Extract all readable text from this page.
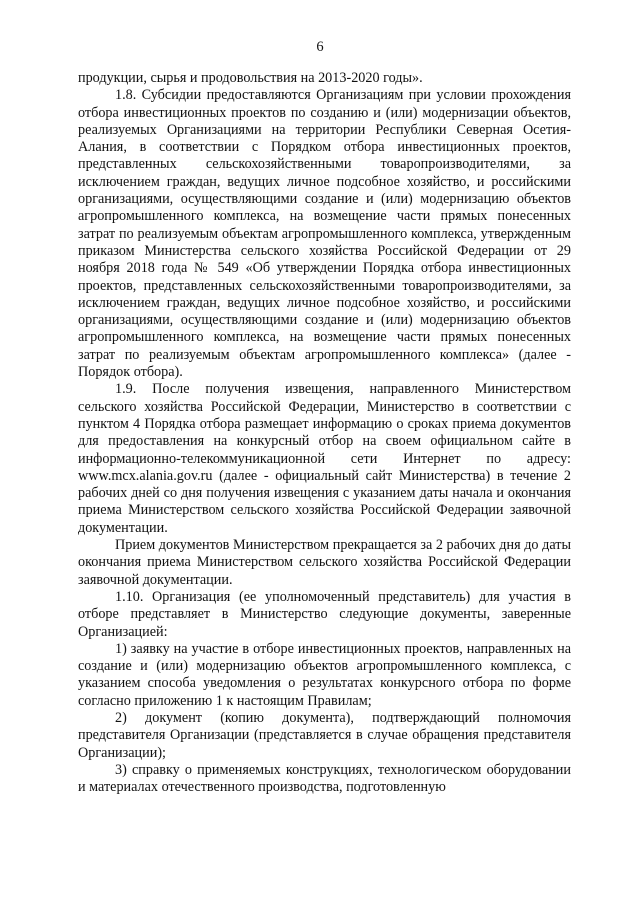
6

продукции, сырья и продовольствия на 2013-2020 годы».

1.8. Субсидии предоставляются Организациям при условии прохождения отбора инвестиционных проектов по созданию и (или) модернизации объектов, реализуемых Организациями на территории Республики Северная Осетия-Алания, в соответствии с Порядком отбора инвестиционных проектов, представленных сельскохозяйственными товаропроизводителями, за исключением граждан, ведущих личное подсобное хозяйство, и российскими организациями, осуществляющими создание и (или) модернизацию объектов агропромышленного комплекса, на возмещение части прямых понесенных затрат по реализуемым объектам агропромышленного комплекса, утвержденным приказом Министерства сельского хозяйства Российской Федерации от 29 ноября 2018 года № 549 «Об утверждении Порядка отбора инвестиционных проектов, представленных сельскохозяйственными товаропроизводителями, за исключением граждан, ведущих личное подсобное хозяйство, и российскими организациями, осуществляющими создание и (или) модернизацию объектов агропромышленного комплекса, на возмещение части прямых понесенных затрат по реализуемым объектам агропромышленного комплекса» (далее - Порядок отбора).

1.9. После получения извещения, направленного Министерством сельского хозяйства Российской Федерации, Министерство в соответствии с пунктом 4 Порядка отбора размещает информацию о сроках приема документов для предоставления на конкурсный отбор на своем официальном сайте в информационно-телекоммуникационной сети Интернет по адресу: www.mcx.alania.gov.ru (далее - официальный сайт Министерства) в течение 2 рабочих дней со дня получения извещения с указанием даты начала и окончания приема Министерством сельского хозяйства Российской Федерации заявочной документации.

Прием документов Министерством прекращается за 2 рабочих дня до даты окончания приема Министерством сельского хозяйства Российской Федерации заявочной документации.

1.10. Организация (ее уполномоченный представитель) для участия в отборе представляет в Министерство следующие документы, заверенные Организацией:

1) заявку на участие в отборе инвестиционных проектов, направленных на создание и (или) модернизацию объектов агропромышленного комплекса, с указанием способа уведомления о результатах конкурсного отбора по форме согласно приложению 1 к настоящим Правилам;

2) документ (копию документа), подтверждающий полномочия представителя Организации (представляется в случае обращения представителя Организации);

3) справку о применяемых конструкциях, технологическом оборудовании и материалах отечественного производства, подготовленную
